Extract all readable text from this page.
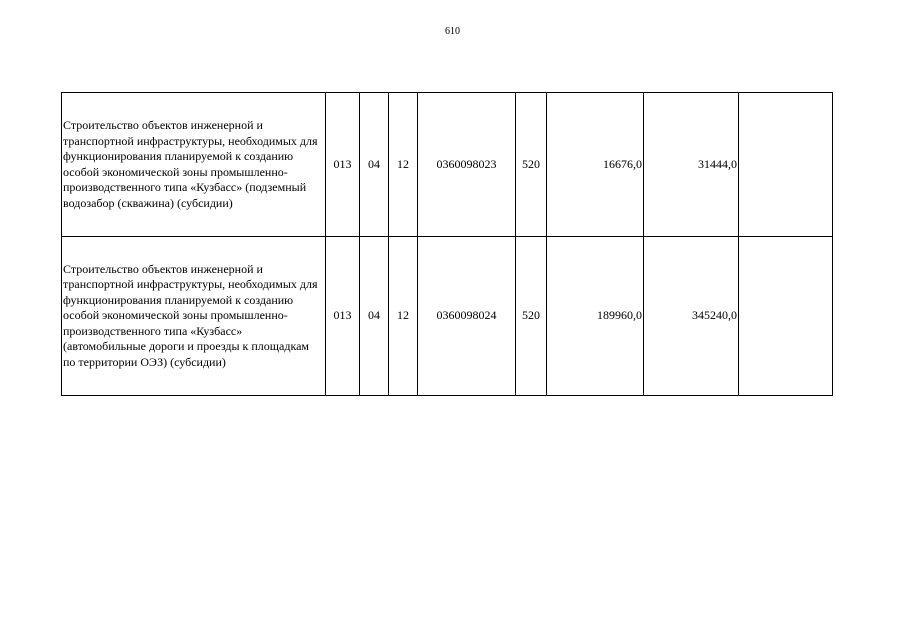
610
Строительство объектов инженерной и транспортной инфраструктуры, необходимых для функционирования планируемой к созданию особой экономической зоны промышленно-производственного типа «Кузбасс» (подземный водозабор (скважина) (субсидии)	013	04	12	0360098023	520	16676,0	31444,0	
Строительство объектов инженерной и транспортной инфраструктуры, необходимых для функционирования планируемой к созданию особой экономической зоны промышленно-производственного типа «Кузбасс» (автомобильные дороги и проезды к площадкам по территории ОЭЗ) (субсидии)	013	04	12	0360098024	520	189960,0	345240,0	
